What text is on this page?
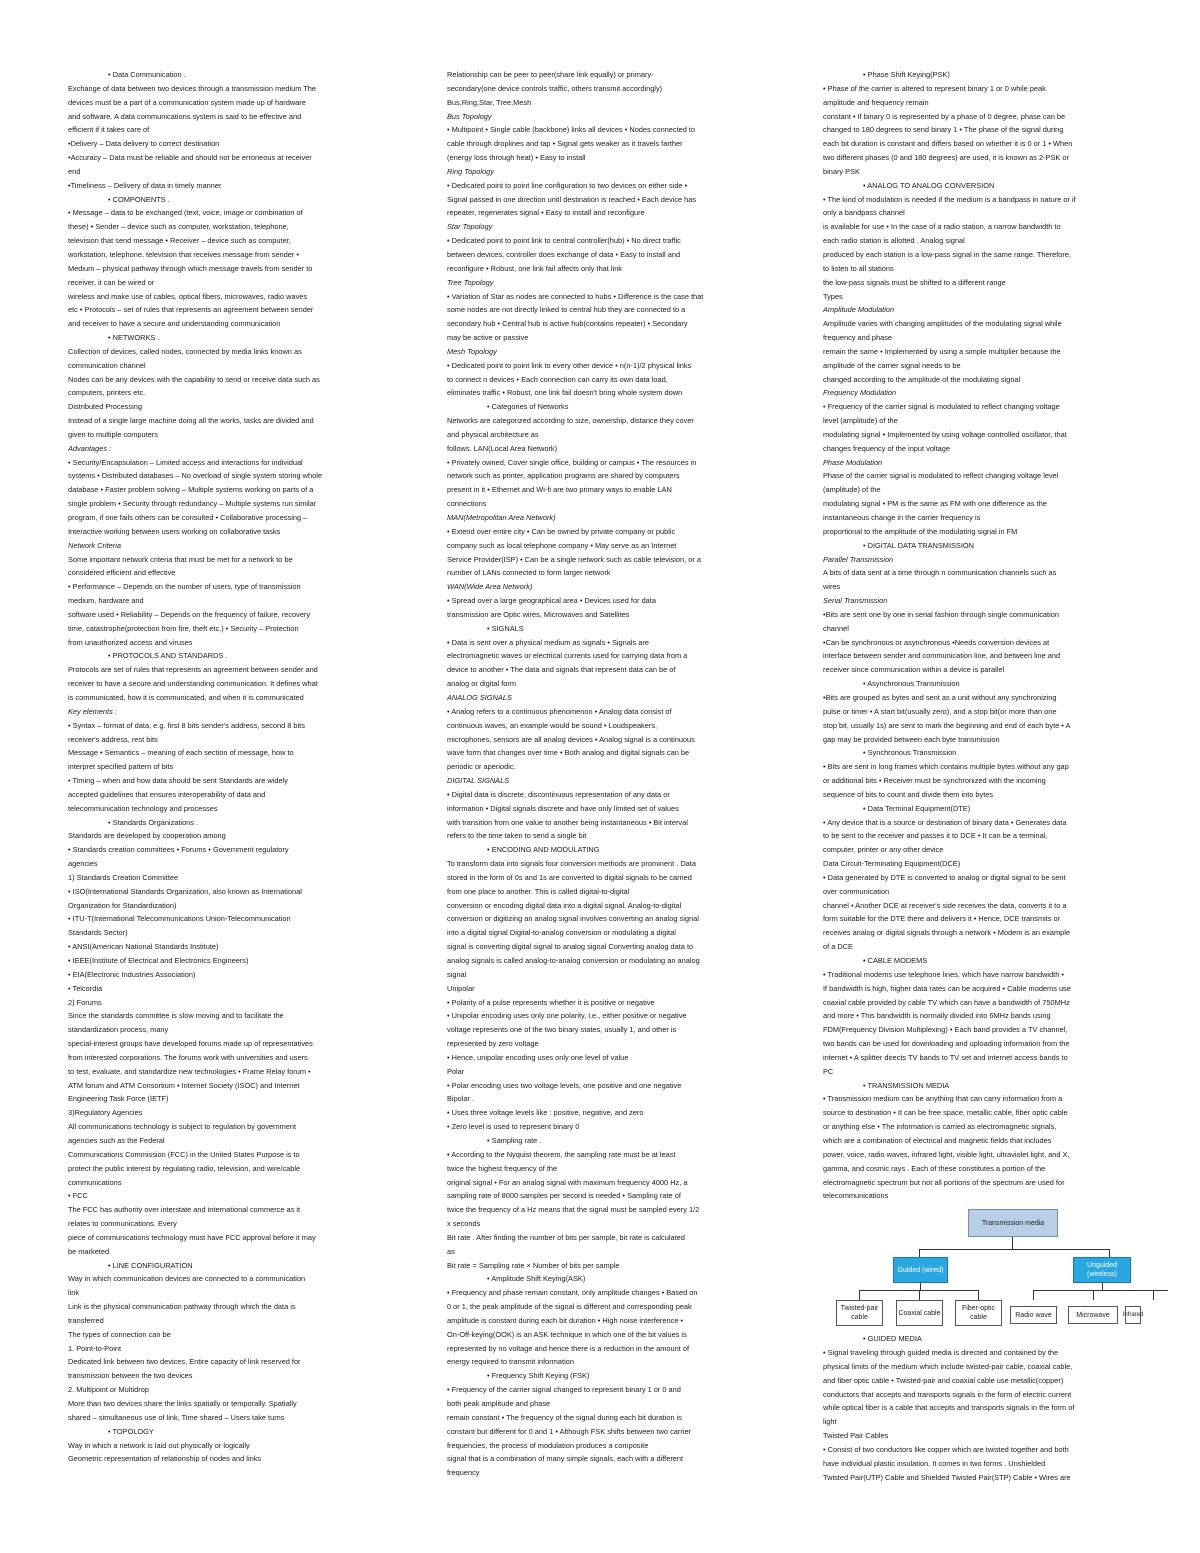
• Data Communication .
Exchange of data between two devices through a transmission medium The
devices must be a part of a communication system made up of hardware
and software. A data communications system is said to be effective and
efficient if it takes care of
•Delivery – Data delivery to correct destination
•Accuracy – Data must be reliable and should not be erroneous at receiver
end
•Timeliness – Delivery of data in timely manner
• COMPONENTS .
• Message – data to be exchanged (text, voice, image or combination of
these) • Sender – device such as computer, workstation, telephone,
television that send message • Receiver – device such as computer,
workstation, telephone, television that receives message from sender •
Medium – physical pathway through which message travels from sender to
receiver, it can be wired or
wireless and make use of cables, optical fibers, microwaves, radio waves
etc • Protocols – set of rules that represents an agreement between sender
and receiver to have a secure and understanding communication
• NETWORKS .
Collection of devices, called nodes, connected by media links known as
communication channel
Nodes can be any devices with the capability to send or receive data such as
computers, printers etc.
Distributed Processing
Instead of a single large machine doing all the works, tasks are divided and
given to multiple computers
Advantages :
• Security/Encapsulation – Limited access and interactions for individual
systems • Distributed databases – No overload of single system storing whole
database • Faster problem solving – Multiple systems working on parts of a
single problem • Security through redundancy – Multiple systems run similar
program, if one fails others can be consulted • Collaborative processing –
Interactive working between users working on collaborative tasks
Network Criteria
Some important network criteria that must be met for a network to be
considered efficient and effective
• Performance – Depends on the number of users, type of transmission
medium, hardware and
software used • Reliability – Depends on the frequency of failure, recovery
time, catastrophe(protection from fire, theft etc.) • Security – Protection
from unauthorized access and viruses
• PROTOCOLS AND STANDARDS .
Protocols are set of rules that represents an agreement between sender and
receiver to have a secure and understanding communication. It defines what
is communicated, how it is communicated, and when it is communicated
Key elements :
• Syntax – format of data, e.g. first 8 bits sender's address, second 8 bits
receiver's address, rest bits
Message • Semantics – meaning of each section of message, how to
interpret specified pattern of bits
• Timing – when and how data should be sent Standards are widely
accepted guidelines that ensures interoperability of data and
telecommunication technology and processes
• Standards Organizations .
Standards are developed by cooperation among
• Standards creation committees • Forums • Government regulatory
agencies
1) Standards Creation Committee
• ISO(International Standards Organization, also known as International
Organization for Standardization)
• ITU-T(International Telecommunications Union-Telecommunication
Standards Sector)
• ANSI(American National Standards Institute)
• IEEE(Institute of Electrical and Electronics Engineers)
• EIA(Electronic Industries Association)
• Telcordia
2) Forums
Since the standards committee is slow moving and to facilitate the
standardization process, many
special-interest groups have developed forums made up of representatives
from interested corporations. The forums work with universities and users
to test, evaluate, and standardize new technologies • Frame Relay forum •
ATM forum and ATM Consortium • Internet Society (ISOC) and Internet
Engineering Task Force (IETF)
3)Regulatory Agencies
All communications technology is subject to regulation by government
agencies such as the Federal
Communications Commission (FCC) in the United States Purpose is to
protect the public interest by regulating radio, television, and wire/cable
communications
• FCC
The FCC has authority over interstate and international commerce as it
relates to communications. Every
piece of communications technology must have FCC approval before it may
be marketed
• LINE CONFIGURATION
Way in which communication devices are connected to a communication
link
Link is the physical communication pathway through which the data is
transferred
The types of connection can be
1. Point-to-Point
Dedicated link between two devices, Entire capacity of link reserved for
transmission between the two devices
2. Multipoint or Multidrop
More than two devices share the links spatially or temporally. Spatially
shared – simultaneous use of link, Time shared – Users take turns
• TOPOLOGY
Way in which a network is laid out physically or logically
Geometric representation of relationship of nodes and links
Relationship can be peer to peer(share link equally) or primary-
secondary(one device controls traffic, others transmit accordingly)
Bus,Ring,Star, Tree,Mesh
Bus Topology
• Multipoint • Single cable (backbone) links all devices • Nodes connected to
cable through droplines and tap • Signal gets weaker as it travels farther
(energy loss through heat) • Easy to install
Ring Topology
• Dedicated point to point line configuration to two devices on either side •
Signal passed in one direction until destination is reached • Each device has
repeater, regenerates signal • Easy to install and reconfigure
Star Topology
• Dedicated point to point link to central controller(hub) • No direct traffic
between devices, controller does exchange of data • Easy to install and
reconfigure • Robust, one link fail affects only that link
Tree Topology
• Variation of Star as nodes are connected to hubs • Difference is the case that
some nodes are not directly linked to central hub they are connected to a
secondary hub • Central hub is active hub(contains repeater) • Secondary
may be active or passive
Mesh Topology
• Dedicated point to point link to every other device • n(n-1)/2 physical links
to connect n devices • Each connection can carry its own data load,
eliminates traffic • Robust, one link fail doesn't bring whole system down
• Categories of Networks
Networks are categorized according to size, ownership, distance they cover
and physical architecture as
follows. LAN(Local Area Network)
• Privately owned, Cover single office, building or campus • The resources in
network such as printer, application programs are shared by computers
present in it • Ethernet and Wi-fi are two primary ways to enable LAN
connections
MAN(Metropolitan Area Network)
• Extend over entire city • Can be owned by private company or public
company such as local telephone company • May serve as an Internet
Service Provider(ISP) • Can be a single network such as cable television, or a
number of LANs connected to form larger network
WAN(Wide Area Network)
• Spread over a large geographical area • Devices used for data
transmission are Optic wires, Microwaves and Satellites
• SIGNALS
• Data is sent over a physical medium as signals • Signals are
electromagnetic waves or electrical currents used for carrying data from a
device to another • The data and signals that represent data can be of
analog or digital form
ANALOG SIGNALS
• Analog refers to a continuous phenomenon • Analog data consist of
continuous waves, an example would be sound • Loudspeakers,
microphones, sensors are all analog devices • Analog signal is a continuous
wave form that changes over time • Both analog and digital signals can be
periodic or aperiodic.
DIGITAL SIGNALS
• Digital data is discrete, discontinuous representation of any data or
information • Digital signals discrete and have only limited set of values
with transition from one value to another being instantaneous • Bit interval
refers to the time taken to send a single bit
• ENCODING AND MODULATING
To transform data into signals four conversion methods are prominent . Data
stored in the form of 0s and 1s are converted to digital signals to be carried
from one place to another. This is called digital-to-digital
conversion or encoding digital data into a digital signal. Analog-to-digital
conversion or digitizing an analog signal involves converting an analog signal
into a digital signal Digital-to-analog conversion or modulating a digital
signal is converting digital signal to analog signal Converting analog data to
analog signals is called analog-to-analog conversion or modulating an analog
signal
Unipolar
• Polarity of a pulse represents whether it is positive or negative
• Unipolar encoding uses only one polarity, i.e., either positive or negative
voltage represents one of the two binary states, usually 1, and other is
represented by zero voltage
• Hence, unipolar encoding uses only one level of value
Polar
• Polar encoding uses two voltage levels, one positive and one negative
Bipolar .
• Uses three voltage levels like : positive, negative, and zero
• Zero level is used to represent binary 0
• Sampling rate .
• According to the Nyquist theorem, the sampling rate must be at least
twice the highest frequency of the
original signal • For an analog signal with maximum frequency 4000 Hz, a
sampling rate of 8000 samples per second is needed • Sampling rate of
twice the frequency of a Hz means that the signal must be sampled every 1/2
x seconds
Bit rate . After finding the number of bits per sample, bit rate is calculated
as
Bit rate = Sampling rate × Number of bits per sample
• Amplitude Shift Keying(ASK)
• Frequency and phase remain constant, only amplitude changes • Based on
0 or 1, the peak amplitude of the signal is different and corresponding peak
amplitude is constant during each bit duration • High noise interference •
On-Off-keying(OOK) is an ASK technique in which one of the bit values is
represented by no voltage and hence there is a reduction in the amount of
energy required to transmit information
• Frequency Shift Keying (FSK)
• Frequency of the carrier signal changed to represent binary 1 or 0 and
both peak amplitude and phase
remain constant • The frequency of the signal during each bit duration is
constant but different for 0 and 1 • Although FSK shifts between two carrier
frequencies, the process of modulation produces a composite
signal that is a combination of many simple signals, each with a different
frequency
• Phase Shift Keying(PSK)
• Phase of the carrier is altered to represent binary 1 or 0 while peak
amplitude and frequency remain
constant • If binary 0 is represented by a phase of 0 degree, phase can be
changed to 180 degrees to send binary 1 • The phase of the signal during
each bit duration is constant and differs based on whether it is 0 or 1 • When
two different phases (0 and 180 degrees) are used, it is known as 2-PSK or
binary PSK
• ANALOG TO ANALOG CONVERSION
• The kind of modulation is needed if the medium is a bandpass in nature or if
only a bandpass channel
is available for use • In the case of a radio station, a narrow bandwidth to
each radio station is allotted . Analog signal
produced by each station is a low-pass signal in the same range. Therefore,
to listen to all stations
the low-pass signals must be shifted to a different range
Types
Amplitude Modulation
Amplitude varies with changing amplitudes of the modulating signal while
frequency and phase
remain the same • Implemented by using a simple multiplier because the
amplitude of the carrier signal needs to be
changed according to the amplitude of the modulating signal
Frequency Modulation
• Frequency of the carrier signal is modulated to reflect changing voltage
level (amplitude) of the
modulating signal • Implemented by using voltage controlled oscillator, that
changes frequency of the input voltage
Phase Modulation
Phase of the carrier signal is modulated to reflect changing voltage level
(amplitude) of the
modulating signal • PM is the same as FM with one difference as the
instantaneous change in the carrier frequency is
proportional to the amplitude of the modulating signal in FM
• DIGITAL DATA TRANSMISSION
Parallel Transmission
A bits of data sent at a time through n communication channels such as
wires
Serial Transmission
•Bits are sent one by one in serial fashion through single communication
channel
•Can be synchronous or asynchronous •Needs conversion devices at
interface between sender and communication line, and between line and
receiver since communication within a device is parallel
• Asynchronous Transmission
•Bits are grouped as bytes and sent as a unit without any synchronizing
pulse or timer • A start bit(usually zero), and a stop bit(or more than one
stop bit, usually 1s) are sent to mark the beginning and end of each byte • A
gap may be provided between each byte transmission
• Synchronous Transmission
• Bits are sent in long frames which contains multiple bytes without any gap
or additional bits • Receiver must be synchronized with the incoming
sequence of bits to count and divide them into bytes
• Data Terminal Equipment(DTE)
• Any device that is a source or destination of binary data • Generates data
to be sent to the receiver and passes it to DCE • It can be a terminal,
computer, printer or any other device
Data Circuit-Terminating Equipment(DCE)
• Data generated by DTE is converted to analog or digital signal to be sent
over communication
channel • Another DCE at receiver's side receives the data, converts it to a
form suitable for the DTE there and delivers it • Hence, DCE transmits or
receives analog or digital signals through a network • Modem is an example
of a DCE
• CABLE MODEMS
• Traditional modems use telephone lines, which have narrow bandwidth •
If bandwidth is high, higher data rates can be acquired • Cable modems use
coaxial cable provided by cable TV which can have a bandwidth of 750MHz
and more • This bandwidth is normally divided into 6MHz bands using
FDM(Frequency Division Multiplexing) • Each band provides a TV channel,
two bands can be used for downloading and uploading information from the
internet • A splitter directs TV bands to TV set and internet access bands to
PC
• TRANSMISSION MEDIA
• Transmission medium can be anything that can carry information from a
source to destination • It can be free space, metallic cable, fiber optic cable
or anything else • The information is carried as electromagnetic signals,
which are a combination of electrical and magnetic fields that includes
power, voice, radio waves, infrared light, visible light, ultraviolet light, and X,
gamma, and cosmic rays . Each of these constitutes a portion of the
electromagnetic spectrum but not all portions of the spectrum are used for
telecommunications
Transmission media
Guided (wired)
Unguided (wireless)
Twisted-pair cable
Coaxial cable
Fiber-optic cable	Radio wave	Microwave	Infrared
• GUIDED MEDIA
• Signal traveling through guided media is directed and contained by the
physical limits of the medium which include twisted-pair cable, coaxial cable,
and fiber optic cable • Twisted-pair and coaxial cable use metallic(copper)
conductors that accepts and transports signals in the form of electric current
while optical fiber is a cable that accepts and transports signals in the form of
light
Twisted Pair Cables
• Consist of two conductors like copper which are twisted together and both
have individual plastic insulation. It comes in two forms . Unshielded
Twisted Pair(UTP) Cable and Shielded Twisted Pair(STP) Cable • Wires are
